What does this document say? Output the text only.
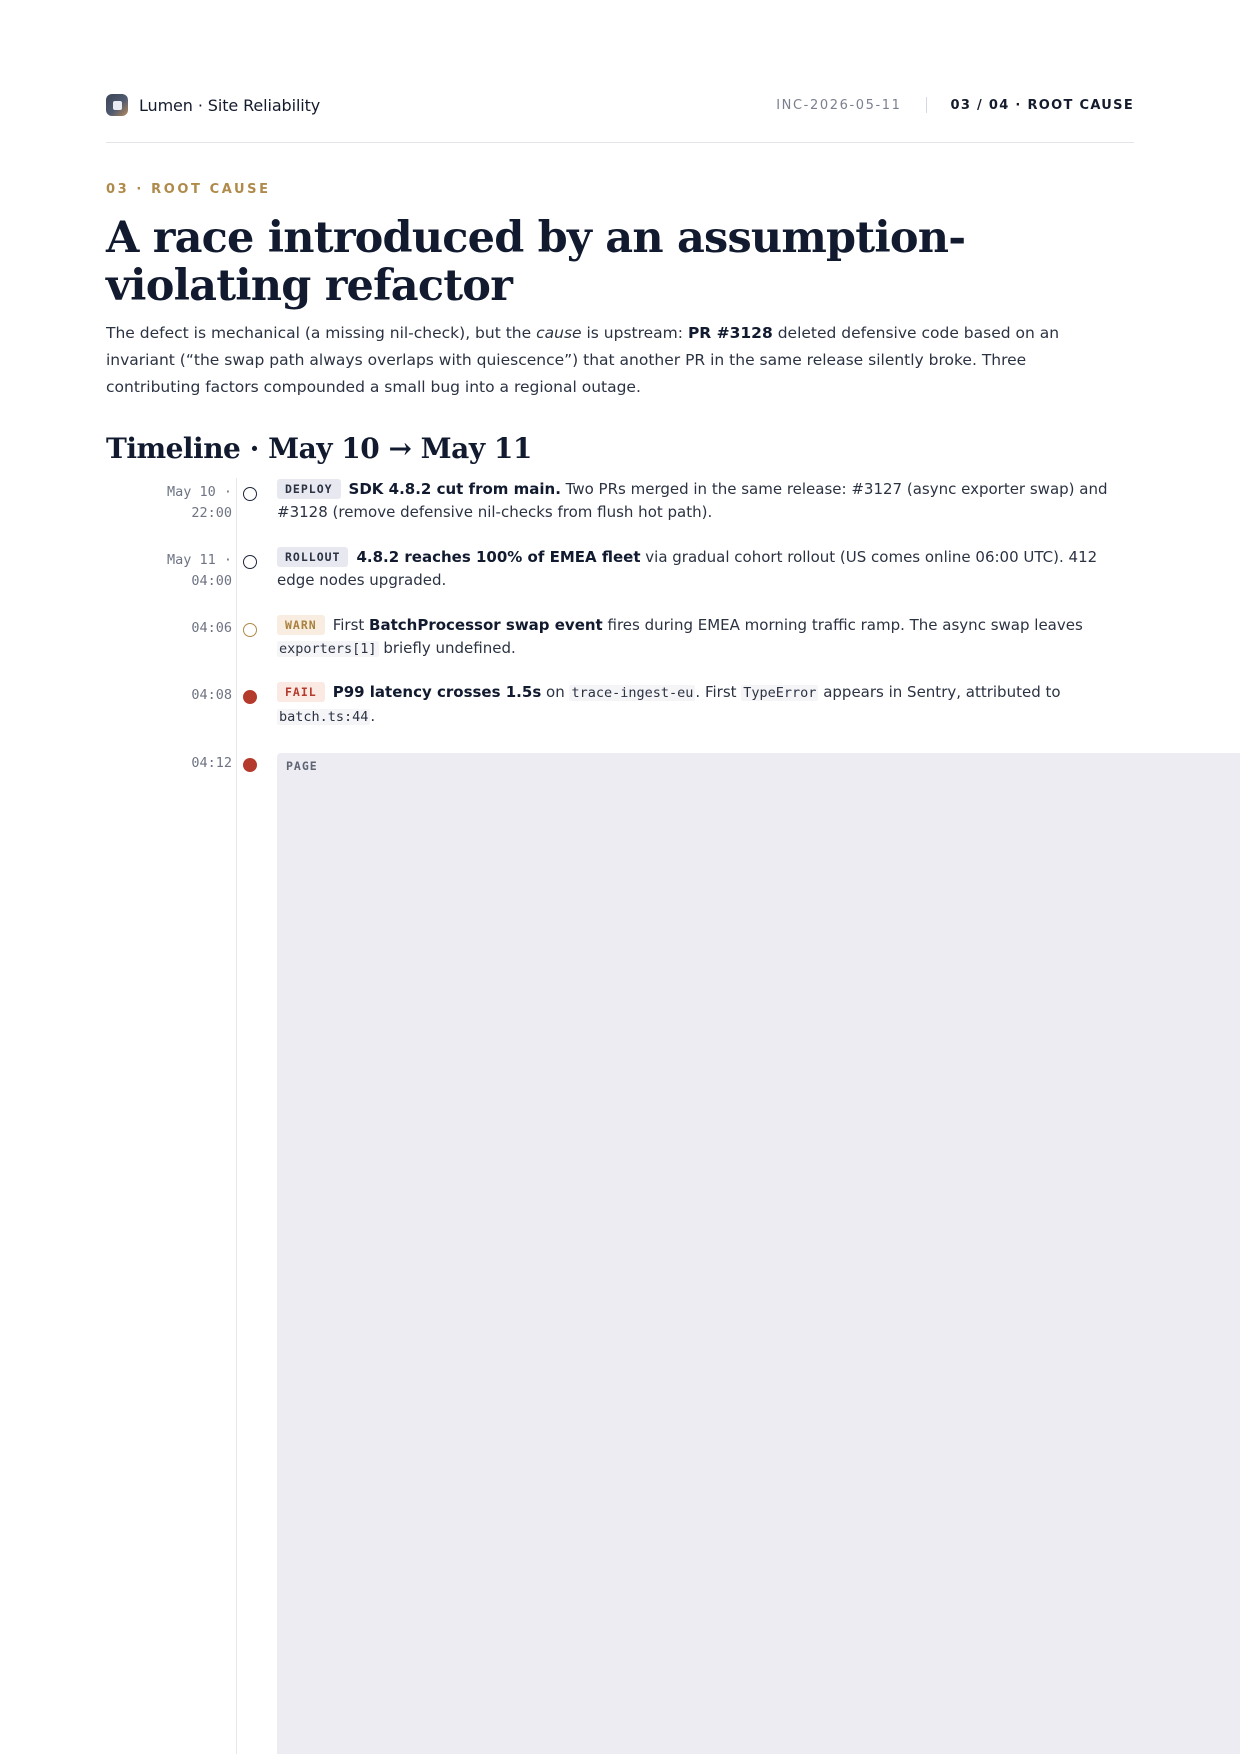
Lumen · Site Reliability	INC-2026-05-11	03 / 04 · ROOT CAUSE
03 · ROOT CAUSE
A race introduced by an assumption-violating refactor

The defect is mechanical (a missing nil-check), but the cause is upstream: PR #3128 deleted defensive code based on an invariant (“the swap path always overlaps with quiescence”) that another PR in the same release silently broke. Three contributing factors compounded a small bug into a regional outage.

Timeline · May 10 → May 11
May 10 · 22:00
DEPLOY SDK 4.8.2 cut from main. Two PRs merged in the same release: #3127 (async exporter swap) and #3128 (remove defensive nil-checks from flush hot path).
May 11 · 04:00
ROLLOUT 4.8.2 reaches 100% of EMEA fleet via gradual cohort rollout (US comes online 06:00 UTC). 412 edge nodes upgraded.
04:06	WARN First BatchProcessor swap event fires during EMEA morning traffic ramp. The async swap leaves exporters[1] briefly undefined.
04:08	FAIL P99 latency crosses 1.5s on trace-ingest-eu . First TypeError appears in Sentry, attributed to batch.ts:44 .
04:12	PAGE
